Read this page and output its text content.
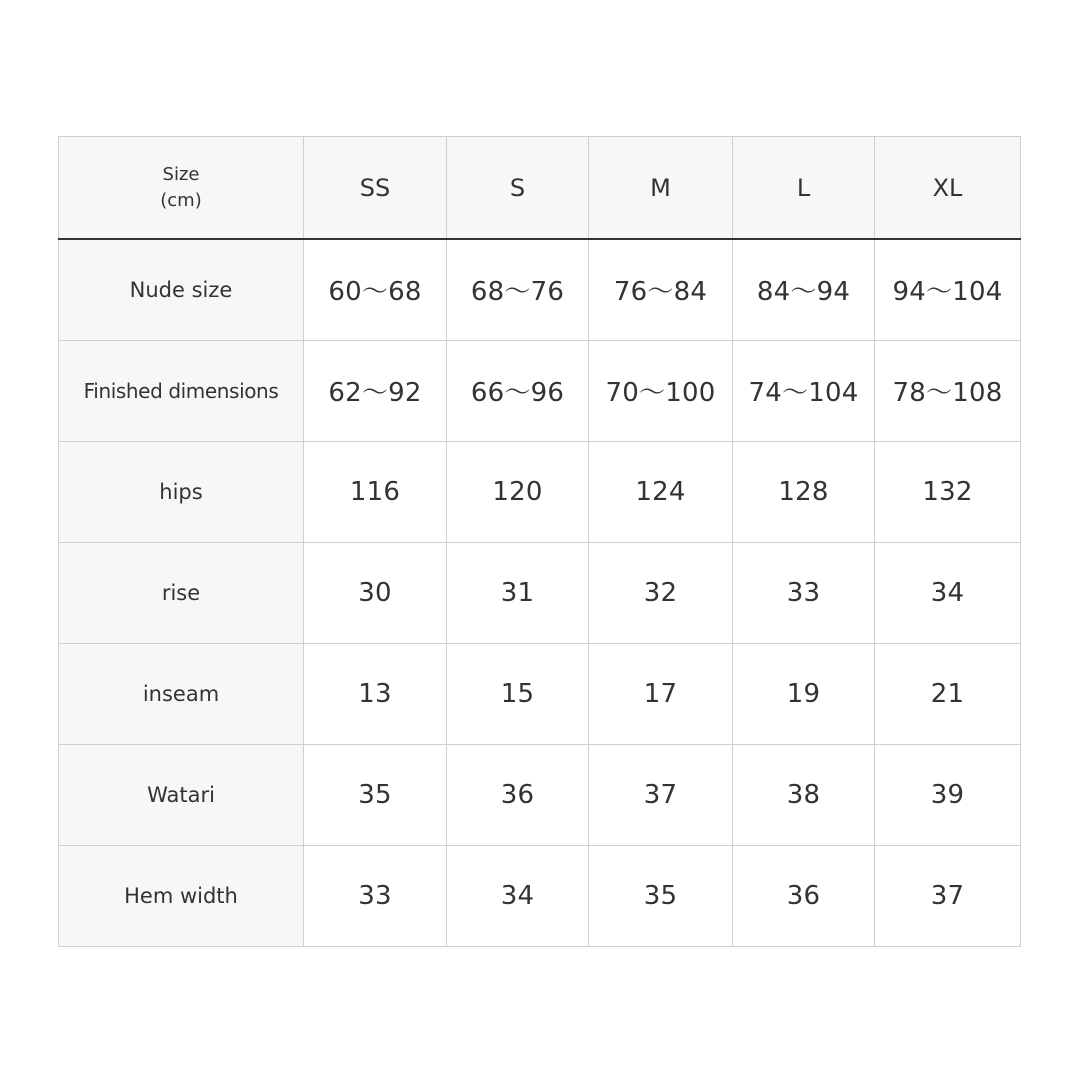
Size
(cm)	SS	S	M	L	XL
Nude size	60～68	68～76	76～84	84～94	94～104
Finished dimensions	62～92	66～96	70～100	74～104	78～108
hips	116	120	124	128	132
rise	30	31	32	33	34
inseam	13	15	17	19	21
Watari	35	36	37	38	39
Hem width	33	34	35	36	37
